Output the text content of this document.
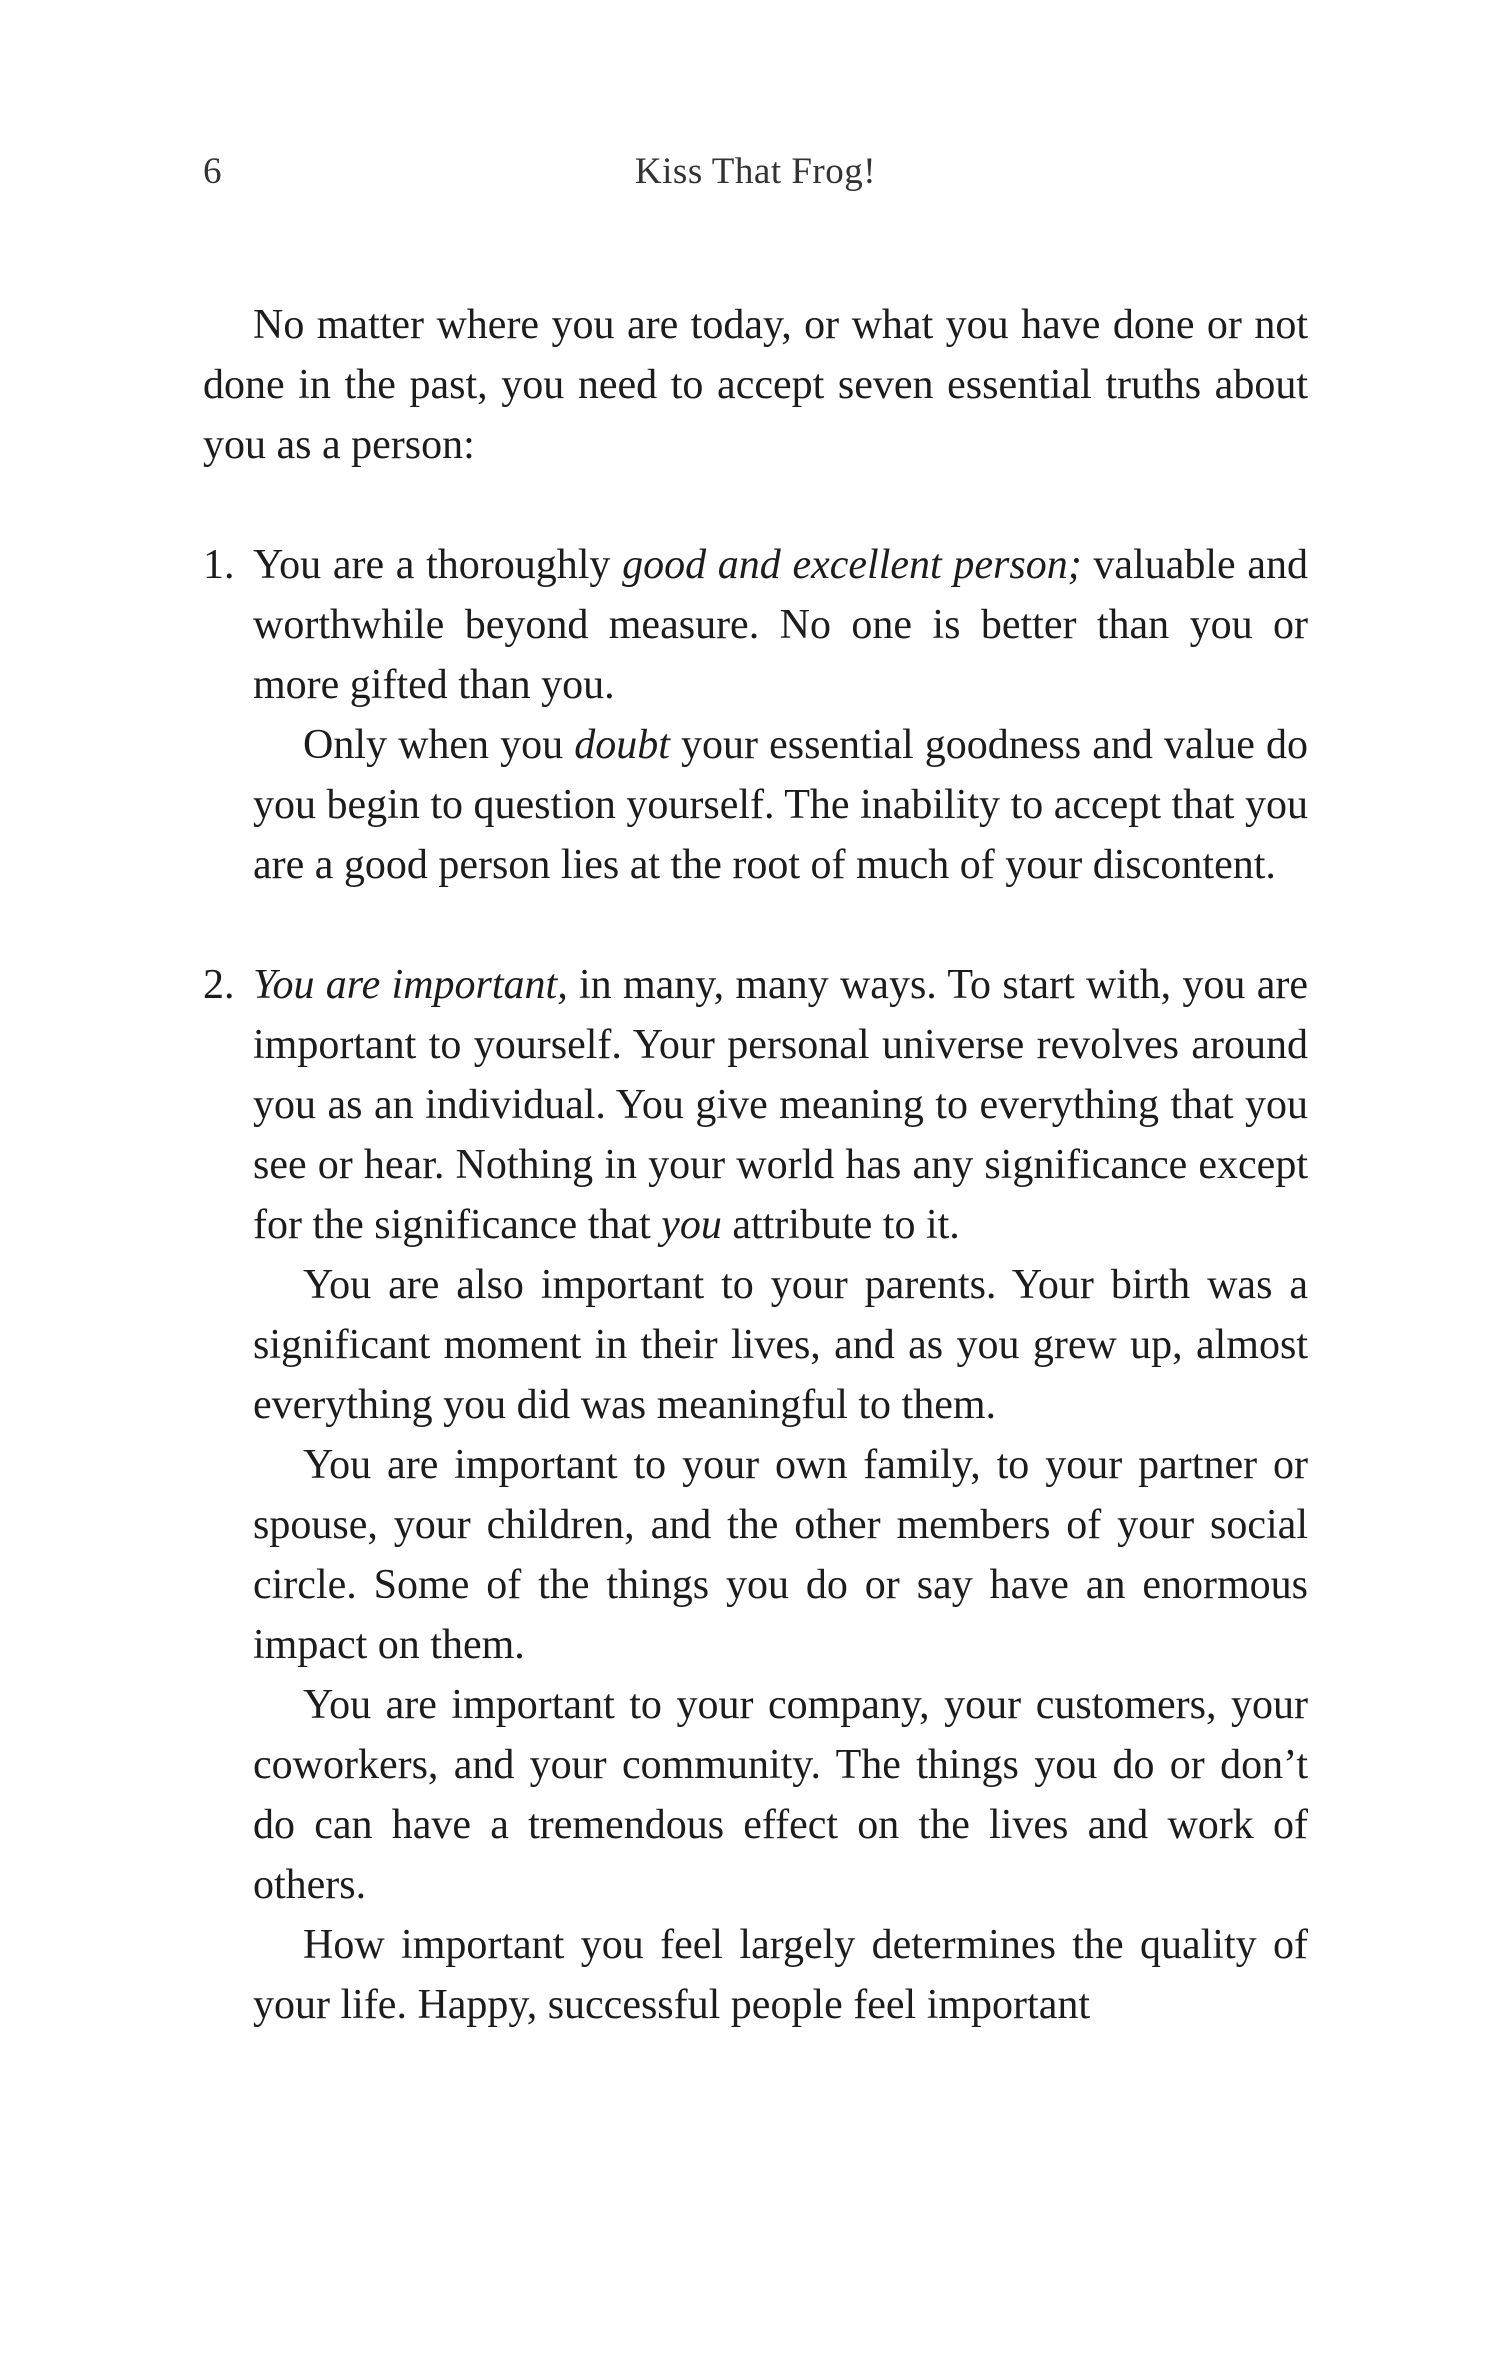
6	Kiss That Frog!

No matter where you are today, or what you have done or not done in the past, you need to accept seven essential truths about you as a person:

1. You are a thoroughly good and excellent person; valuable and worthwhile beyond measure. No one is better than you or more gifted than you.

Only when you doubt your essential goodness and value do you begin to question yourself. The inability to accept that you are a good person lies at the root of much of your discontent.

2. You are important, in many, many ways. To start with, you are important to yourself. Your personal universe revolves around you as an individual. You give meaning to everything that you see or hear. Nothing in your world has any significance except for the significance that you attribute to it.

You are also important to your parents. Your birth was a significant moment in their lives, and as you grew up, almost everything you did was meaningful to them.

You are important to your own family, to your partner or spouse, your children, and the other members of your social circle. Some of the things you do or say have an enormous impact on them.

You are important to your company, your customers, your coworkers, and your community. The things you do or don’t do can have a tremendous effect on the lives and work of others.

How important you feel largely determines the quality of your life. Happy, successful people feel important
